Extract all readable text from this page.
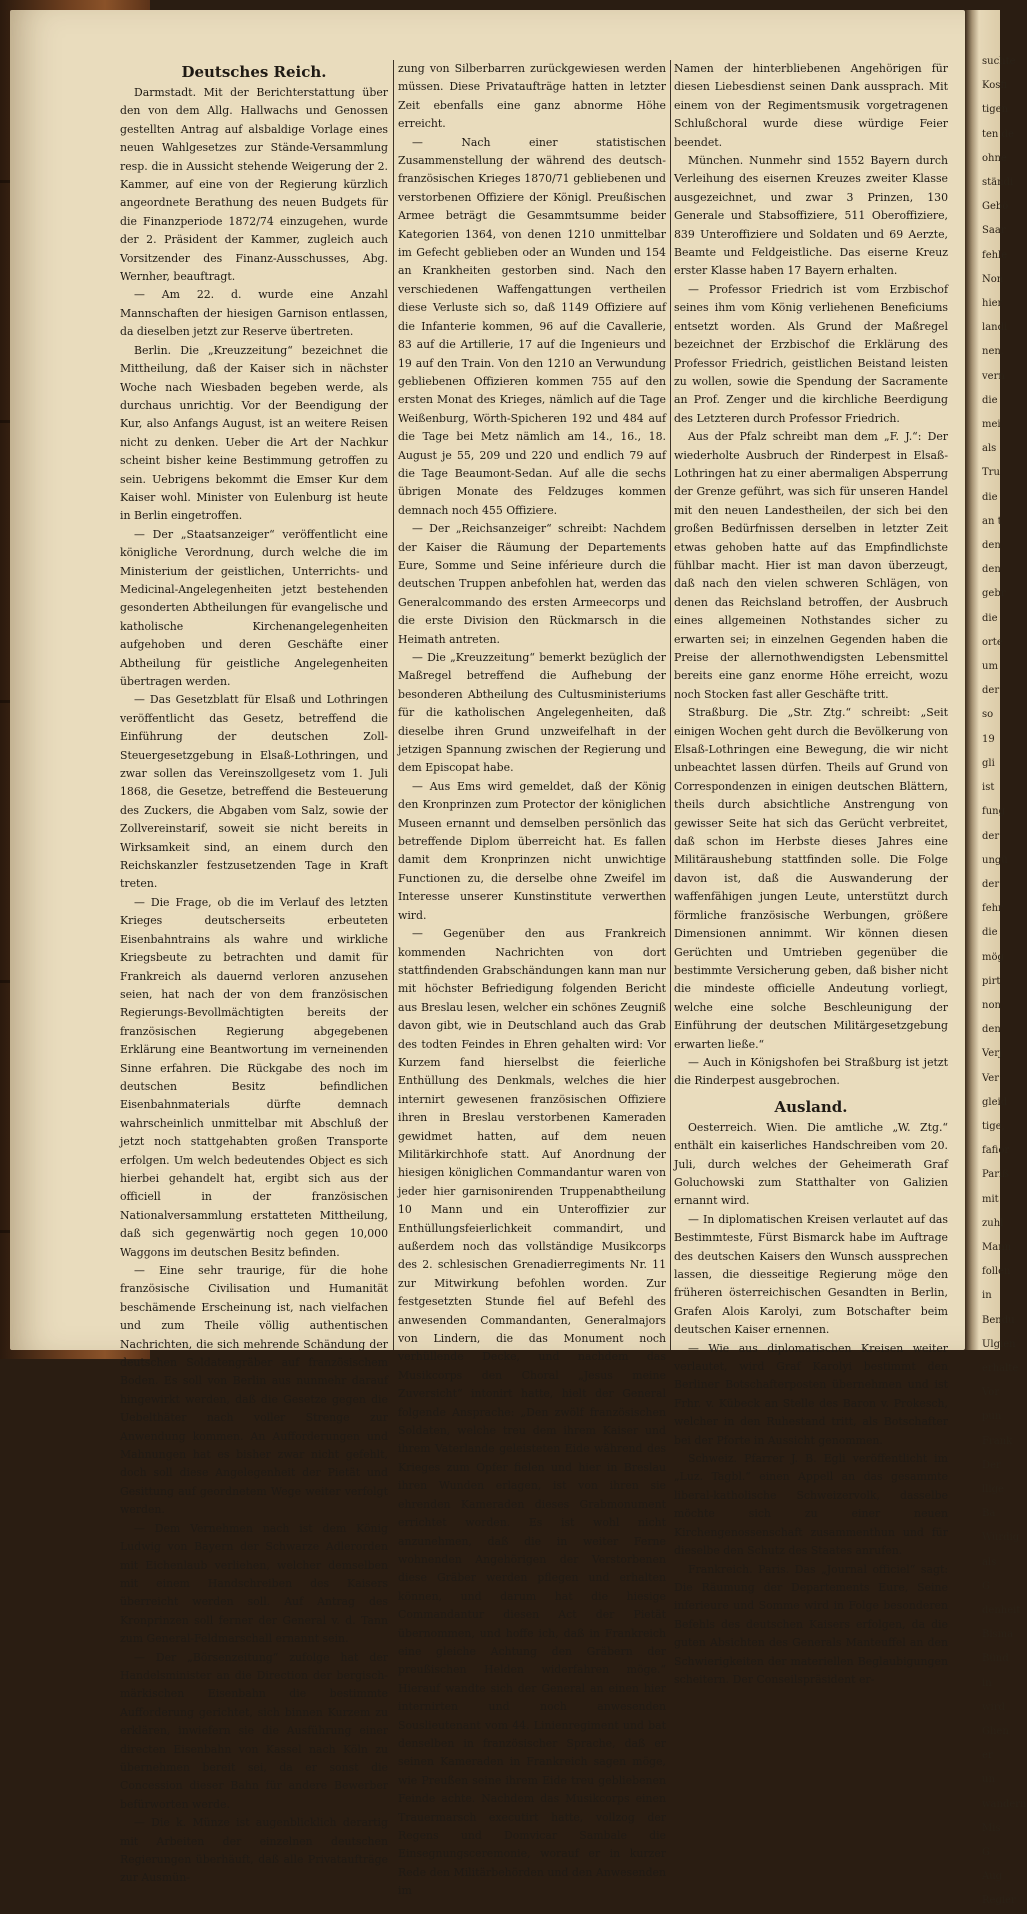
Deutsches Reich.

Darmstadt. Mit der Berichterstattung über den von dem Allg. Hallwachs und Genossen gestellten Antrag auf alsbaldige Vorlage eines neuen Wahlgesetzes zur Stände-Versammlung resp. die in Aussicht stehende Weigerung der 2. Kammer, auf eine von der Regierung kürzlich angeordnete Berathung des neuen Budgets für die Finanzperiode 1872/74 einzugehen, wurde der 2. Präsident der Kammer, zugleich auch Vorsitzender des Finanz-Ausschusses, Abg. Wernher, beauftragt.

— Am 22. d. wurde eine Anzahl Mannschaften der hiesigen Garnison entlassen, da dieselben jetzt zur Reserve übertreten.

Berlin. Die „Kreuzzeitung“ bezeichnet die Mittheilung, daß der Kaiser sich in nächster Woche nach Wiesbaden begeben werde, als durchaus unrichtig. Vor der Beendigung der Kur, also Anfangs August, ist an weitere Reisen nicht zu denken. Ueber die Art der Nachkur scheint bisher keine Bestimmung getroffen zu sein. Uebrigens bekommt die Emser Kur dem Kaiser wohl. Minister von Eulenburg ist heute in Berlin eingetroffen.

— Der „Staatsanzeiger“ veröffentlicht eine königliche Verordnung, durch welche die im Ministerium der geistlichen, Unterrichts- und Medicinal-Angelegenheiten jetzt bestehenden gesonderten Abtheilungen für evangelische und katholische Kirchenangelegenheiten aufgehoben und deren Geschäfte einer Abtheilung für geistliche Angelegenheiten übertragen werden.

— Das Gesetzblatt für Elsaß und Lothringen veröffentlicht das Gesetz, betreffend die Einführung der deutschen Zoll-Steuergesetzgebung in Elsaß-Lothringen, und zwar sollen das Vereinszollgesetz vom 1. Juli 1868, die Gesetze, betreffend die Besteuerung des Zuckers, die Abgaben vom Salz, sowie der Zollvereinstarif, soweit sie nicht bereits in Wirksamkeit sind, an einem durch den Reichskanzler festzusetzenden Tage in Kraft treten.

— Die Frage, ob die im Verlauf des letzten Krieges deutscherseits erbeuteten Eisenbahntrains als wahre und wirkliche Kriegsbeute zu betrachten und damit für Frankreich als dauernd verloren anzusehen seien, hat nach der von dem französischen Regierungs-Bevollmächtigten bereits der französischen Regierung abgegebenen Erklärung eine Beantwortung im verneinenden Sinne erfahren. Die Rückgabe des noch im deutschen Besitz befindlichen Eisenbahnmaterials dürfte demnach wahrscheinlich unmittelbar mit Abschluß der jetzt noch stattgehabten großen Transporte erfolgen. Um welch bedeutendes Object es sich hierbei gehandelt hat, ergibt sich aus der officiell in der französischen Nationalversammlung erstatteten Mittheilung, daß sich gegenwärtig noch gegen 10,000 Waggons im deutschen Besitz befinden.

— Eine sehr traurige, für die hohe französische Civilisation und Humanität beschämende Erscheinung ist, nach vielfachen und zum Theile völlig authentischen Nachrichten, die sich mehrende Schändung der deutschen Soldatengräber auf französischem Boden. Es soll von Berlin aus nunmehr darauf hingewirkt werden, daß die Gesetze gegen die Uebelthäter nach voller Strenge zur Anwendung kommen. An Aufforderungen und Mahnungen hat es bisher zwar nicht gefehlt, doch soll diese Angelegenheit der Pietät und Gesittung auf geordnetem Wege weiter verfolgt werden.

— Dem Vernehmen nach ist dem König Ludwig von Bayern der Schwarze Adlerorden mit Eichenlaub verliehen, welcher demselben mit einem Handschreiben des Kaisers überreicht werden soll. Auf Antrag des Kronprinzen soll ferner der General v. d. Tann zum General-Feldmarschall ernannt sein.

— Der „Börsenzeitung“ zufolge hat der Handelsminister an die Direction der bergisch-märkischen Eisenbahn die bestimmte Aufforderung gerichtet, sich binnen Kurzem zu erklären, inwiefern sie die Ausführung einer directen Eisenbahn von Kassel nach Köln zu übernehmen bereit sei, da er sonst die Concession dieser Bahn für andere Bewerber befürworten werde.

— Die k. Münze ist augenblicklich derartig mit Arbeiten der einzelnen deutschen Regierungen überhäuft, daß alle Privataufträge zur Ausmün-

zung von Silberbarren zurückgewiesen werden müssen. Diese Privataufträge hatten in letzter Zeit ebenfalls eine ganz abnorme Höhe erreicht.

— Nach einer statistischen Zusammenstellung der während des deutsch-französischen Krieges 1870/71 gebliebenen und verstorbenen Offiziere der Königl. Preußischen Armee beträgt die Gesammtsumme beider Kategorien 1364, von denen 1210 unmittelbar im Gefecht geblieben oder an Wunden und 154 an Krankheiten gestorben sind. Nach den verschiedenen Waffengattungen vertheilen diese Verluste sich so, daß 1149 Offiziere auf die Infanterie kommen, 96 auf die Cavallerie, 83 auf die Artillerie, 17 auf die Ingenieurs und 19 auf den Train. Von den 1210 an Verwundung gebliebenen Offizieren kommen 755 auf den ersten Monat des Krieges, nämlich auf die Tage Weißenburg, Wörth-Spicheren 192 und 484 auf die Tage bei Metz nämlich am 14., 16., 18. August je 55, 209 und 220 und endlich 79 auf die Tage Beaumont-Sedan. Auf alle die sechs übrigen Monate des Feldzuges kommen demnach noch 455 Offiziere.

— Der „Reichsanzeiger“ schreibt: Nachdem der Kaiser die Räumung der Departements Eure, Somme und Seine inférieure durch die deutschen Truppen anbefohlen hat, werden das Generalcommando des ersten Armeecorps und die erste Division den Rückmarsch in die Heimath antreten.

— Die „Kreuzzeitung“ bemerkt bezüglich der Maßregel betreffend die Aufhebung der besonderen Abtheilung des Cultusministeriums für die katholischen Angelegenheiten, daß dieselbe ihren Grund unzweifelhaft in der jetzigen Spannung zwischen der Regierung und dem Episcopat habe.

— Aus Ems wird gemeldet, daß der König den Kronprinzen zum Protector der königlichen Museen ernannt und demselben persönlich das betreffende Diplom überreicht hat. Es fallen damit dem Kronprinzen nicht unwichtige Functionen zu, die derselbe ohne Zweifel im Interesse unserer Kunstinstitute verwerthen wird.

— Gegenüber den aus Frankreich kommenden Nachrichten von dort stattfindenden Grabschändungen kann man nur mit höchster Befriedigung folgenden Bericht aus Breslau lesen, welcher ein schönes Zeugniß davon gibt, wie in Deutschland auch das Grab des todten Feindes in Ehren gehalten wird: Vor Kurzem fand hierselbst die feierliche Enthüllung des Denkmals, welches die hier internirt gewesenen französischen Offiziere ihren in Breslau verstorbenen Kameraden gewidmet hatten, auf dem neuen Militärkirchhofe statt. Auf Anordnung der hiesigen königlichen Commandantur waren von jeder hier garnisonirenden Truppenabtheilung 10 Mann und ein Unteroffizier zur Enthüllungsfeierlichkeit commandirt, und außerdem noch das vollständige Musikcorps des 2. schlesischen Grenadierregiments Nr. 11 zur Mitwirkung befohlen worden. Zur festgesetzten Stunde fiel auf Befehl des anwesenden Commandanten, Generalmajors von Lindern, die das Monument noch verhüllende Decke, und nachdem das Musikcorps den Choral „Jesus meine Zuversicht“ intonirt hatte, hielt der General folgende Ansprache: „Den zwölf französischen Soldaten, welche treu dem ihrem Kaiser und ihrem Vaterlande geleisteten Eide während des Krieges zum Opfer fielen und hier in Breslau ihren Wunden erlagen, ist von ihren sie ehrenden Kameraden dieses Grabmonument errichtet worden. Es ist wohl nicht anzunehmen, daß die in weiter Ferne wohnenden Angehörigen der Verstorbenen diese Gräber werden pflegen und erhalten können, und darum hat die hiesige Commandantur diesen Act der Pietät übernommen, und hoffe ich, daß in Frankreich eine gleiche Achtung den Gräbern der preußischen Helden widerfahren möge.“ Hierauf wandte sich der General an einen hier internirten und noch anwesenden Souslieutenant vom 44. Linienregiment und bat denselben in französischer Sprache, daß er seinen Kameraden in Frankreich sagen möge, wie Preußen seine ihrem Eide treu gebliebenen Feinde achte. Nachdem das Musikcorps einen Trauermarsch executirt hatte, vollzog der Regens und Domvicar Sambale die Einsegnungsceremonie, worauf er in kurzer Rede den Militärbehörden und den Anwesenden im

Namen der hinterbliebenen Angehörigen für diesen Liebesdienst seinen Dank aussprach. Mit einem von der Regimentsmusik vorgetragenen Schlußchoral wurde diese würdige Feier beendet.

München. Nunmehr sind 1552 Bayern durch Verleihung des eisernen Kreuzes zweiter Klasse ausgezeichnet, und zwar 3 Prinzen, 130 Generale und Stabsoffiziere, 511 Oberoffiziere, 839 Unteroffiziere und Soldaten und 69 Aerzte, Beamte und Feldgeistliche. Das eiserne Kreuz erster Klasse haben 17 Bayern erhalten.

— Professor Friedrich ist vom Erzbischof seines ihm vom König verliehenen Beneficiums entsetzt worden. Als Grund der Maßregel bezeichnet der Erzbischof die Erklärung des Professor Friedrich, geistlichen Beistand leisten zu wollen, sowie die Spendung der Sacramente an Prof. Zenger und die kirchliche Beerdigung des Letzteren durch Professor Friedrich.

Aus der Pfalz schreibt man dem „F. J.“: Der wiederholte Ausbruch der Rinderpest in Elsaß-Lothringen hat zu einer abermaligen Absperrung der Grenze geführt, was sich für unseren Handel mit den neuen Landestheilen, der sich bei den großen Bedürfnissen derselben in letzter Zeit etwas gehoben hatte auf das Empfindlichste fühlbar macht. Hier ist man davon überzeugt, daß nach den vielen schweren Schlägen, von denen das Reichsland betroffen, der Ausbruch eines allgemeinen Nothstandes sicher zu erwarten sei; in einzelnen Gegenden haben die Preise der allernothwendigsten Lebensmittel bereits eine ganz enorme Höhe erreicht, wozu noch Stocken fast aller Geschäfte tritt.

Straßburg. Die „Str. Ztg.“ schreibt: „Seit einigen Wochen geht durch die Bevölkerung von Elsaß-Lothringen eine Bewegung, die wir nicht unbeachtet lassen dürfen. Theils auf Grund von Correspondenzen in einigen deutschen Blättern, theils durch absichtliche Anstrengung von gewisser Seite hat sich das Gerücht verbreitet, daß schon im Herbste dieses Jahres eine Militäraushebung stattfinden solle. Die Folge davon ist, daß die Auswanderung der waffenfähigen jungen Leute, unterstützt durch förmliche französische Werbungen, größere Dimensionen annimmt. Wir können diesen Gerüchten und Umtrieben gegenüber die bestimmte Versicherung geben, daß bisher nicht die mindeste officielle Andeutung vorliegt, welche eine solche Beschleunigung der Einführung der deutschen Militärgesetzgebung erwarten ließe.“

— Auch in Königshofen bei Straßburg ist jetzt die Rinderpest ausgebrochen.

Ausland.

Oesterreich. Wien. Die amtliche „W. Ztg.“ enthält ein kaiserliches Handschreiben vom 20. Juli, durch welches der Geheimerath Graf Goluchowski zum Statthalter von Galizien ernannt wird.

— In diplomatischen Kreisen verlautet auf das Bestimmteste, Fürst Bismarck habe im Auftrage des deutschen Kaisers den Wunsch aussprechen lassen, die diesseitige Regierung möge den früheren österreichischen Gesandten in Berlin, Grafen Alois Karolyi, zum Botschafter beim deutschen Kaiser ernennen.

— Wie aus diplomatischen Kreisen weiter verlautet, wird Graf Karolyi bestimmt den Berliner Botschafterposten übernehmen und ist Frhr. v. Kübeck an Stelle des Baron v. Prokesch, welcher in den Ruhestand tritt, als Botschafter bei der Pforte in Aussicht genommen.

Schweiz. Pfarrer J. B. Egli veröffentlicht im „Luz. Tagbl.“ einen Appell an das gesammte liberal-katholische Schweizervolk, dasselbe möchte sich zu einer neuen Kirchengenossenschaft zusammenthun und für dieselbe den Schutz des Staates anrufen.

Frankreich. Paris. Das „Journal officiel“ sagt: Die Räumung der Departements Eure, Seine inferieure und Somme wird in Folge besonderen Befehls des deutschen Kaisers erfolgen, da die guten Absichten des Generals Manteuffel an den Schwierigkeiten der materiellen Beglaubigungen scheitern. Der Conseilspräsident er-

suchte
Kosfi
tigen
ten de
ohne
ständi
Gebö
Saar
fehle
Non
hier
landi
nen.
vern
die
mei
als
Tru
die
an t
den
den
gebr
die
orte
um
der
so
19
gli
ist
fung
der
ungü
der
fehr
die
mög
pirt
non
den
Verj
Ver
gleid
tige,
fafior
Pariß
mit
zuhl
Mann
follen
in
Bendu
Ulgien
erhalte
Vor
pun
Frank
Der
llige
Ba
Würdig
als
G
denheit
Bisma
Bünd
in
wird
Ghen
er
un
wandern
Mis
G
Aug
Regier
